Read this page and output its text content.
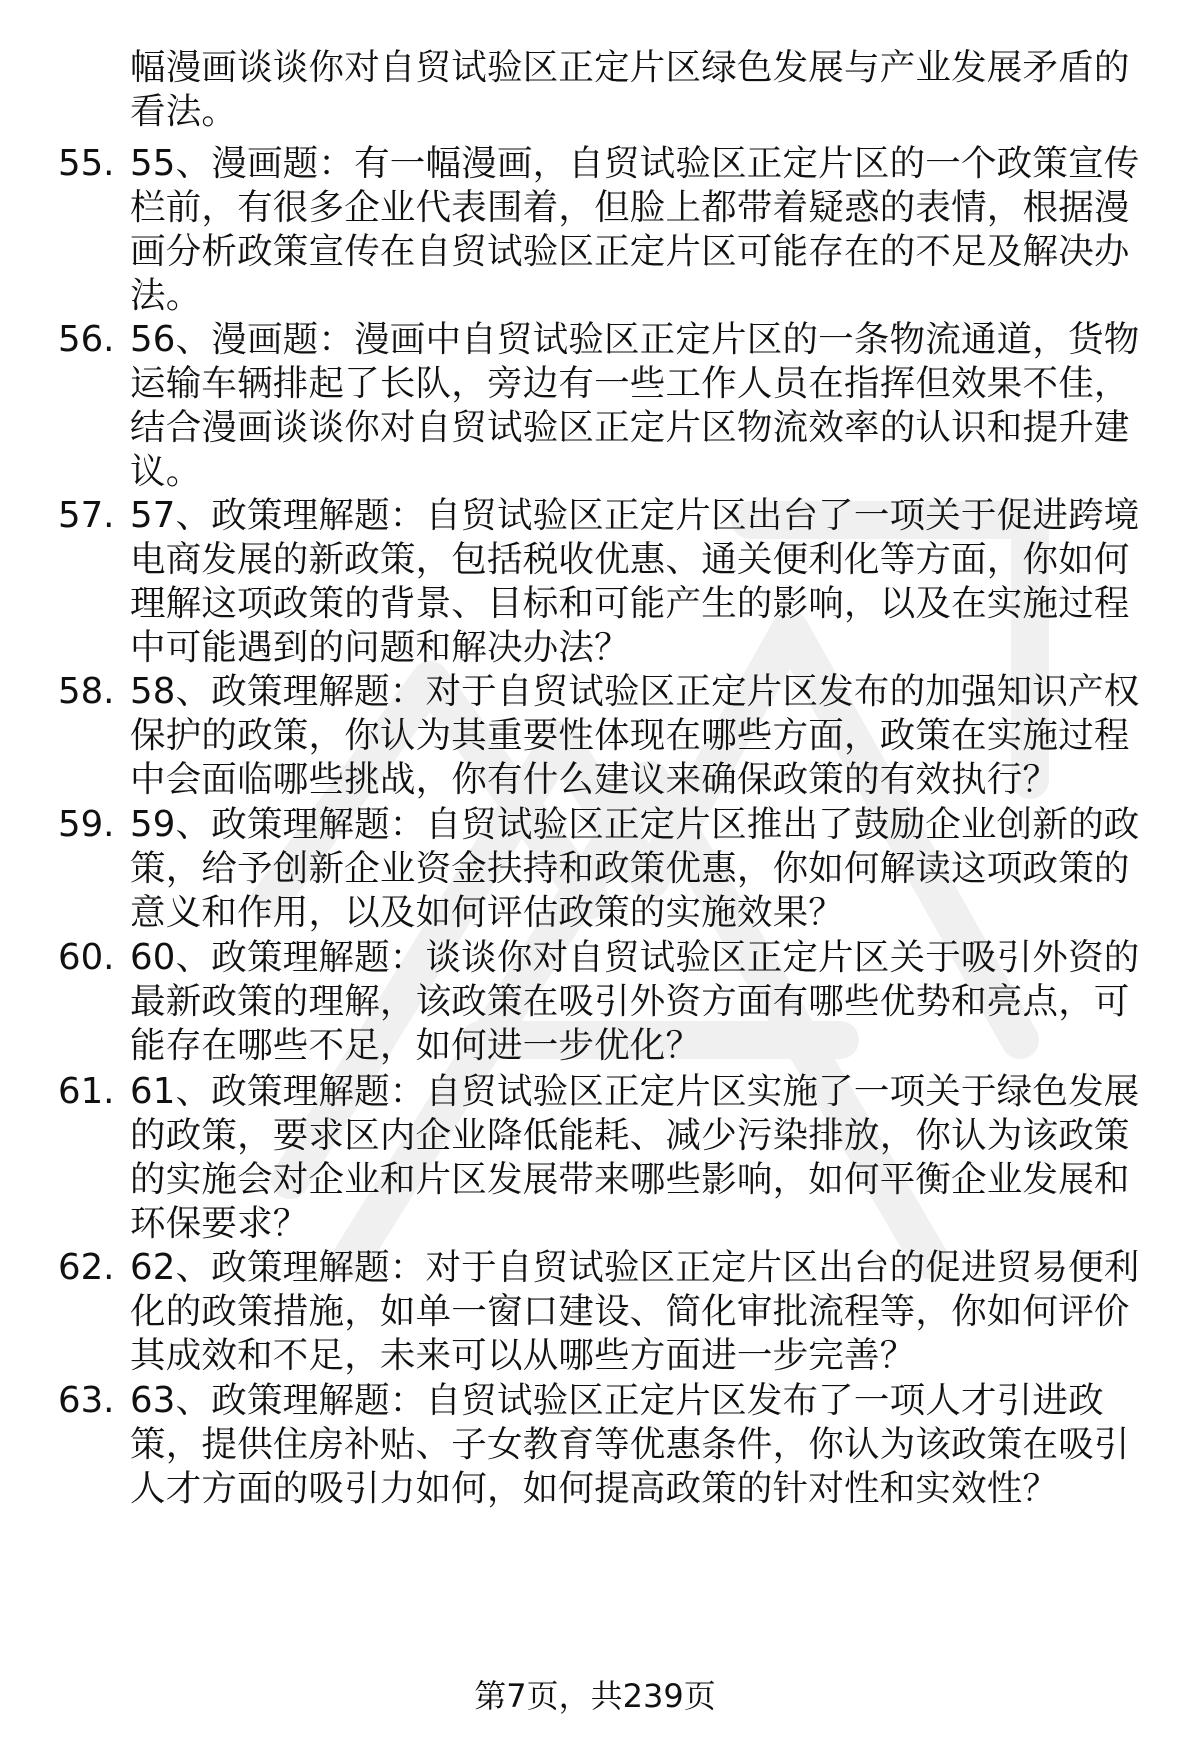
幅漫画谈谈你对自贸试验区正定片区绿色发展与产业发展矛盾的看法。
55. 55、漫画题：有一幅漫画，自贸试验区正定片区的一个政策宣传栏前，有很多企业代表围着，但脸上都带着疑惑的表情，根据漫画分析政策宣传在自贸试验区正定片区可能存在的不足及解决办法。
56. 56、漫画题：漫画中自贸试验区正定片区的一条物流通道，货物运输车辆排起了长队，旁边有一些工作人员在指挥但效果不佳，结合漫画谈谈你对自贸试验区正定片区物流效率的认识和提升建议。
57. 57、政策理解题：自贸试验区正定片区出台了一项关于促进跨境电商发展的新政策，包括税收优惠、通关便利化等方面，你如何理解这项政策的背景、目标和可能产生的影响，以及在实施过程中可能遇到的问题和解决办法？
58. 58、政策理解题：对于自贸试验区正定片区发布的加强知识产权保护的政策，你认为其重要性体现在哪些方面，政策在实施过程中会面临哪些挑战，你有什么建议来确保政策的有效执行？
59. 59、政策理解题：自贸试验区正定片区推出了鼓励企业创新的政策，给予创新企业资金扶持和政策优惠，你如何解读这项政策的意义和作用，以及如何评估政策的实施效果？
60. 60、政策理解题：谈谈你对自贸试验区正定片区关于吸引外资的最新政策的理解，该政策在吸引外资方面有哪些优势和亮点，可能存在哪些不足，如何进一步优化？
61. 61、政策理解题：自贸试验区正定片区实施了一项关于绿色发展的政策，要求区内企业降低能耗、减少污染排放，你认为该政策的实施会对企业和片区发展带来哪些影响，如何平衡企业发展和环保要求？
62. 62、政策理解题：对于自贸试验区正定片区出台的促进贸易便利化的政策措施，如单一窗口建设、简化审批流程等，你如何评价其成效和不足，未来可以从哪些方面进一步完善？
63. 63、政策理解题：自贸试验区正定片区发布了一项人才引进政策，提供住房补贴、子女教育等优惠条件，你认为该政策在吸引人才方面的吸引力如何，如何提高政策的针对性和实效性？
第7页，共239页
